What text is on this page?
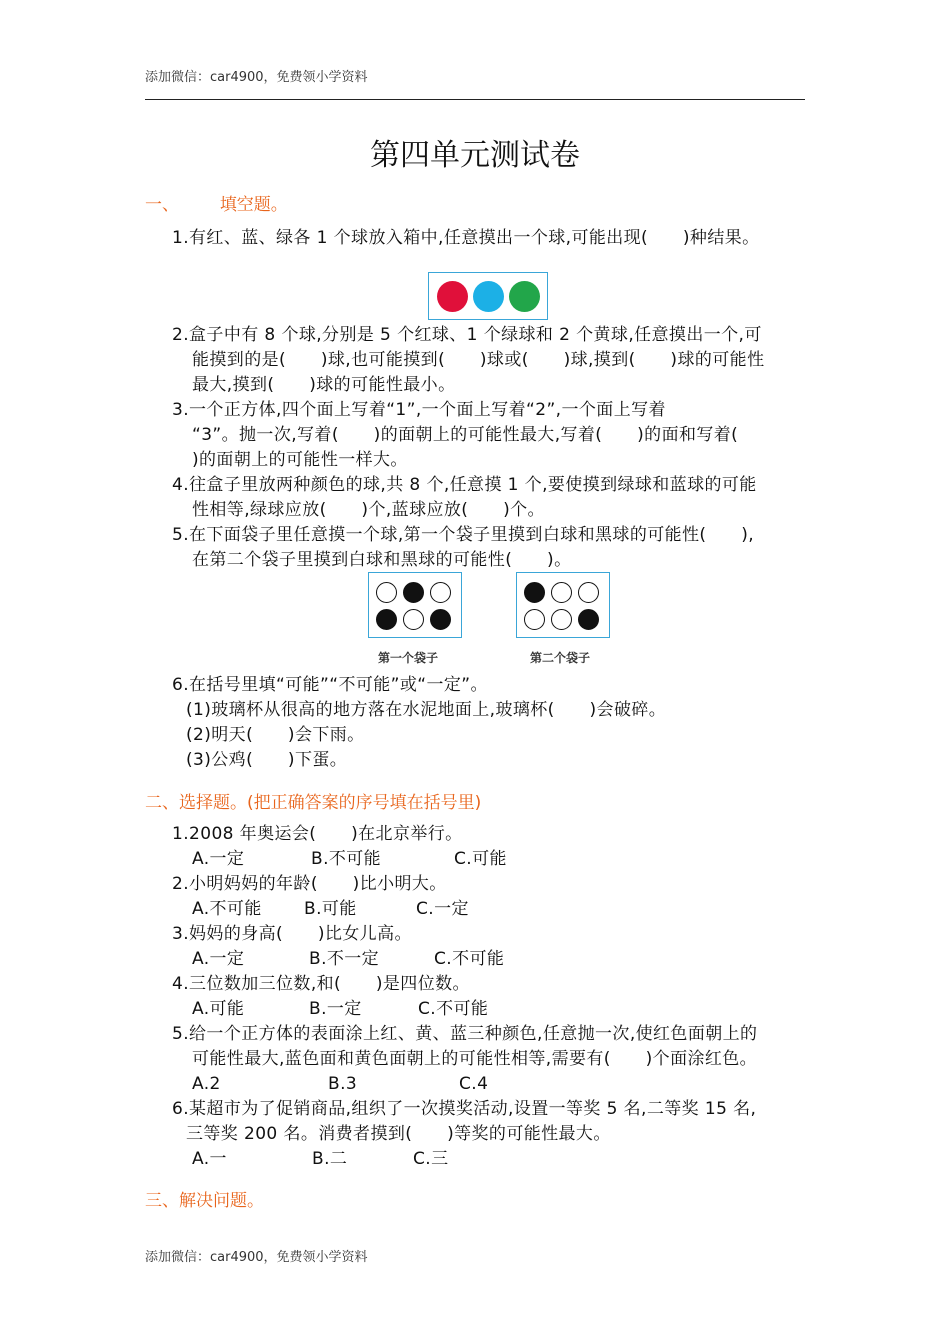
添加微信：car4900，免费领小学资料
第四单元测试卷
一、 填空题。
1.有红、蓝、绿各 1 个球放入箱中,任意摸出一个球,可能出现(　　)种结果。
2.盒子中有 8 个球,分别是 5 个红球、1 个绿球和 2 个黄球,任意摸出一个,可
能摸到的是(　　)球,也可能摸到(　　)球或(　　)球,摸到(　　)球的可能性
最大,摸到(　　)球的可能性最小。
3.一个正方体,四个面上写着“1”,一个面上写着“2”,一个面上写着
“3”。抛一次,写着(　　)的面朝上的可能性最大,写着(　　)的面和写着(
)的面朝上的可能性一样大。
4.往盒子里放两种颜色的球,共 8 个,任意摸 1 个,要使摸到绿球和蓝球的可能
性相等,绿球应放(　　)个,蓝球应放(　　)个。
5.在下面袋子里任意摸一个球,第一个袋子里摸到白球和黑球的可能性(　　),
在第二个袋子里摸到白球和黑球的可能性(　　)。
第一个袋子	第二个袋子
6.在括号里填“可能”“不可能”或“一定”。
(1)玻璃杯从很高的地方落在水泥地面上,玻璃杯(　　)会破碎。
(2)明天(　　)会下雨。
(3)公鸡(　　)下蛋。
二、选择题。(把正确答案的序号填在括号里)
1.2008 年奥运会(　　)在北京举行。
A.一定	B.不可能	C.可能
2.小明妈妈的年龄(　　)比小明大。
A.不可能 B.可能	C.一定
3.妈妈的身高(　　)比女儿高。
A.一定	B.不一定	C.不可能
4.三位数加三位数,和(　　)是四位数。
A.可能	B.一定	C.不可能
5.给一个正方体的表面涂上红、黄、蓝三种颜色,任意抛一次,使红色面朝上的
可能性最大,蓝色面和黄色面朝上的可能性相等,需要有(　　)个面涂红色。
A.2	B.3	C.4
6.某超市为了促销商品,组织了一次摸奖活动,设置一等奖 5 名,二等奖 15 名,
三等奖 200 名。消费者摸到(　　)等奖的可能性最大。
A.一	B.二	C.三
三、解决问题。
添加微信：car4900，免费领小学资料
